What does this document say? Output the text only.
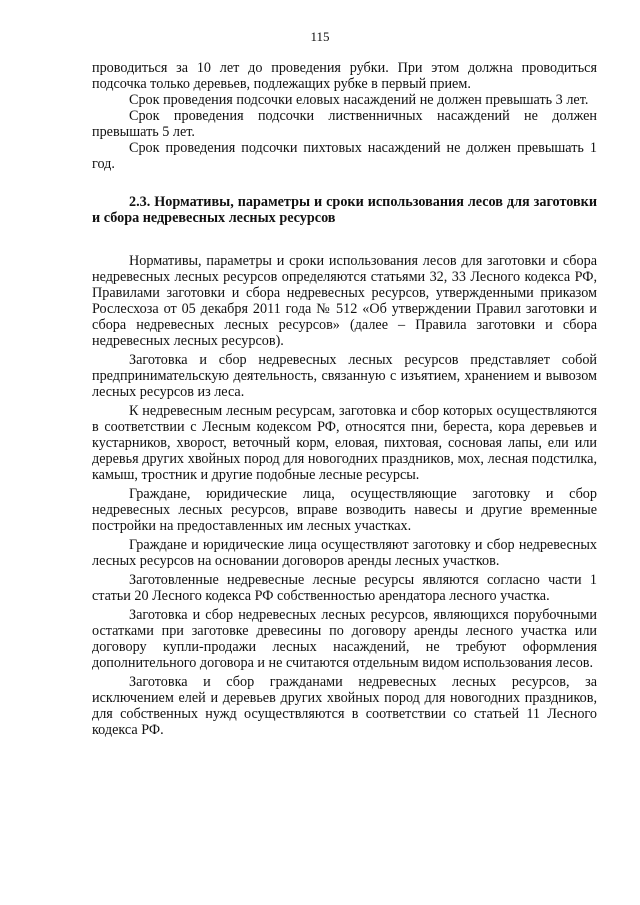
115

проводиться за 10 лет до проведения рубки. При этом должна проводиться подсочка только деревьев, подлежащих рубке в первый прием.

Срок проведения подсочки еловых насаждений не должен превышать 3 лет.

Срок проведения подсочки лиственничных насаждений не должен превышать 5 лет.

Срок проведения подсочки пихтовых насаждений не должен превышать 1 год.

2.3. Нормативы, параметры и сроки использования лесов для заготовки и сбора недревесных лесных ресурсов

Нормативы, параметры и сроки использования лесов для заготовки и сбора недревесных лесных ресурсов определяются статьями 32, 33 Лесного кодекса РФ, Правилами заготовки и сбора недревесных ресурсов, утвержденными приказом Рослесхоза от 05 декабря 2011 года № 512 «Об утверждении Правил заготовки и сбора недревесных лесных ресурсов» (далее – Правила заготовки и сбора недревесных лесных ресурсов).

Заготовка и сбор недревесных лесных ресурсов представляет собой предпринимательскую деятельность, связанную с изъятием, хранением и вывозом лесных ресурсов из леса.

К недревесным лесным ресурсам, заготовка и сбор которых осуществляются в соответствии с Лесным кодексом РФ, относятся пни, береста, кора деревьев и кустарников, хворост, веточный корм, еловая, пихтовая, сосновая лапы, ели или деревья других хвойных пород для новогодних праздников, мох, лесная подстилка, камыш, тростник и другие подобные лесные ресурсы.

Граждане, юридические лица, осуществляющие заготовку и сбор недревесных лесных ресурсов, вправе возводить навесы и другие временные постройки на предоставленных им лесных участках.

Граждане и юридические лица осуществляют заготовку и сбор недревесных лесных ресурсов на основании договоров аренды лесных участков.

Заготовленные недревесные лесные ресурсы являются согласно части 1 статьи 20 Лесного кодекса РФ собственностью арендатора лесного участка.

Заготовка и сбор недревесных лесных ресурсов, являющихся порубочными остатками при заготовке древесины по договору аренды лесного участка или договору купли-продажи лесных насаждений, не требуют оформления дополнительного договора и не считаются отдельным видом использования лесов.

Заготовка и сбор гражданами недревесных лесных ресурсов, за исключением елей и деревьев других хвойных пород для новогодних праздников, для собственных нужд осуществляются в соответствии со статьей 11 Лесного кодекса РФ.
